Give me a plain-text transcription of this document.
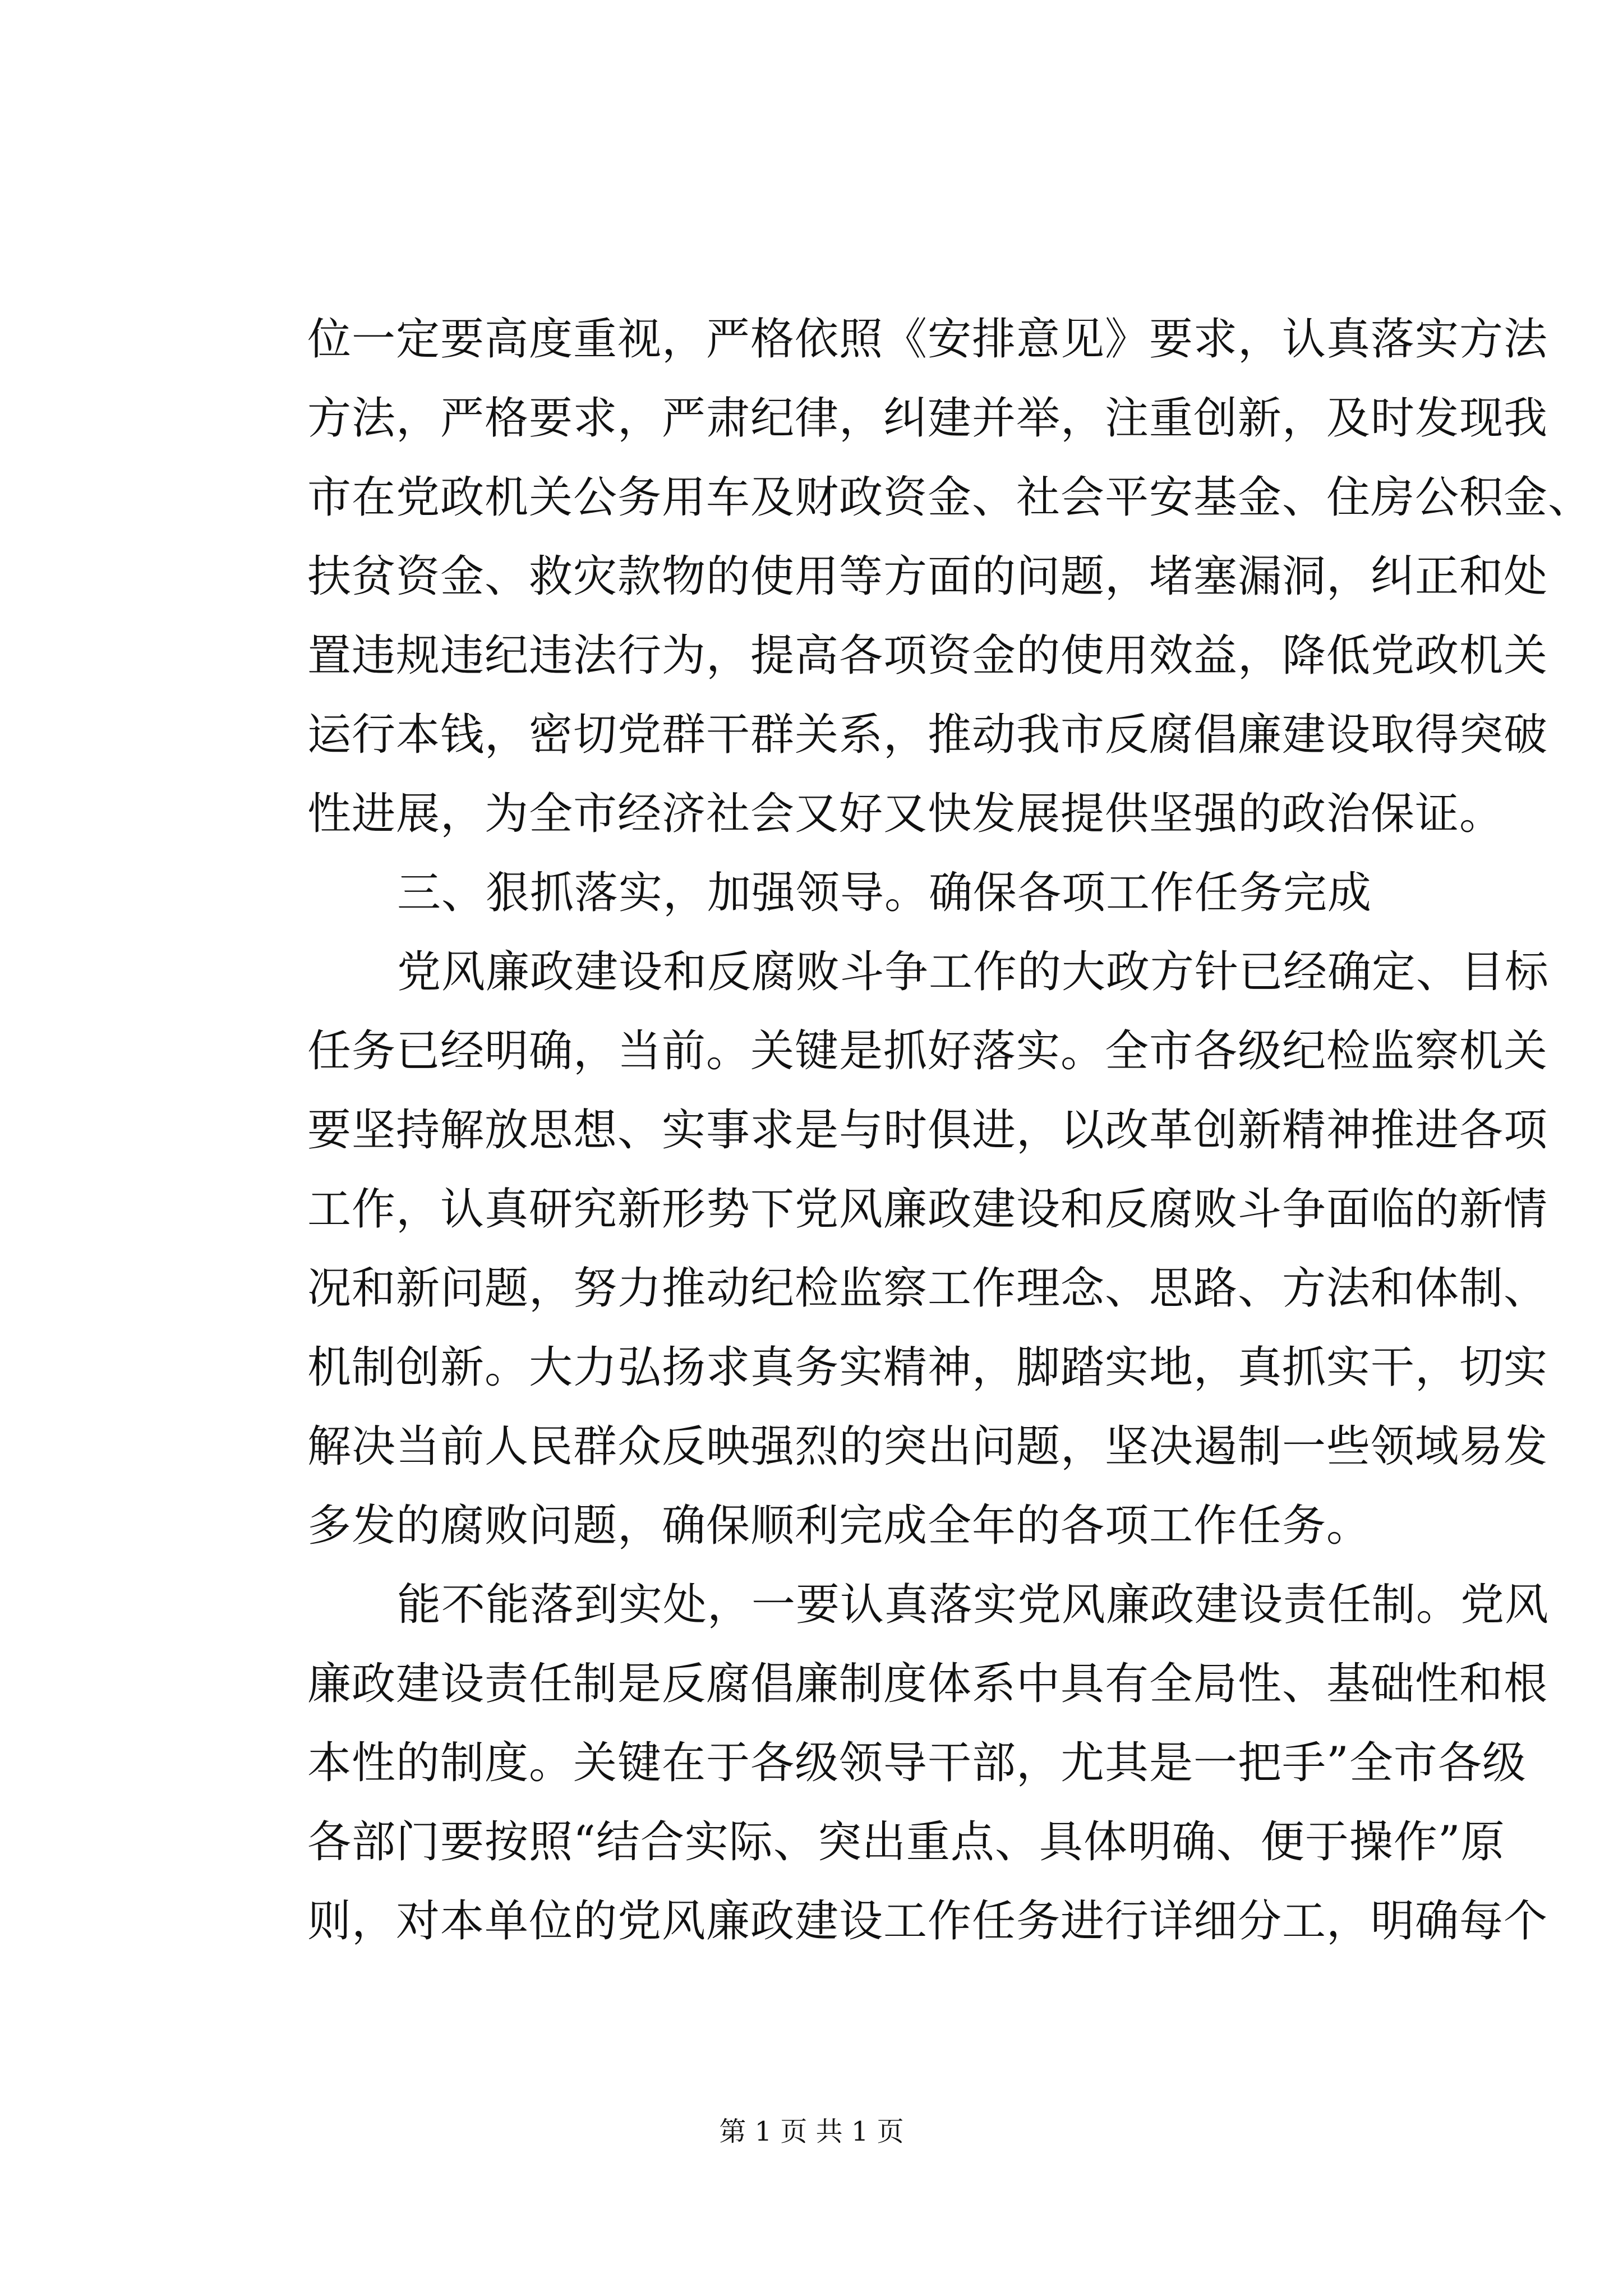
位一定要高度重视，严格依照《安排意见》要求，认真落实方法
方法，严格要求，严肃纪律，纠建并举，注重创新，及时发现我
市在党政机关公务用车及财政资金、社会平安基金、住房公积金、
扶贫资金、救灾款物的使用等方面的问题，堵塞漏洞，纠正和处
置违规违纪违法行为，提高各项资金的使用效益，降低党政机关
运行本钱，密切党群干群关系，推动我市反腐倡廉建设取得突破
性进展，为全市经济社会又好又快发展提供坚强的政治保证。
三、狠抓落实，加强领导。确保各项工作任务完成
党风廉政建设和反腐败斗争工作的大政方针已经确定、目标
任务已经明确，当前。关键是抓好落实。全市各级纪检监察机关
要坚持解放思想、实事求是与时俱进，以改革创新精神推进各项
工作，认真研究新形势下党风廉政建设和反腐败斗争面临的新情
况和新问题，努力推动纪检监察工作理念、思路、方法和体制、
机制创新。大力弘扬求真务实精神，脚踏实地，真抓实干，切实
解决当前人民群众反映强烈的突出问题，坚决遏制一些领域易发
多发的腐败问题，确保顺利完成全年的各项工作任务。
能不能落到实处，一要认真落实党风廉政建设责任制。党风
廉政建设责任制是反腐倡廉制度体系中具有全局性、基础性和根
本性的制度。关键在于各级领导干部，尤其是一把手”全市各级
各部门要按照“结合实际、突出重点、具体明确、便于操作”原
则，对本单位的党风廉政建设工作任务进行详细分工，明确每个
第 1 页 共 1 页
